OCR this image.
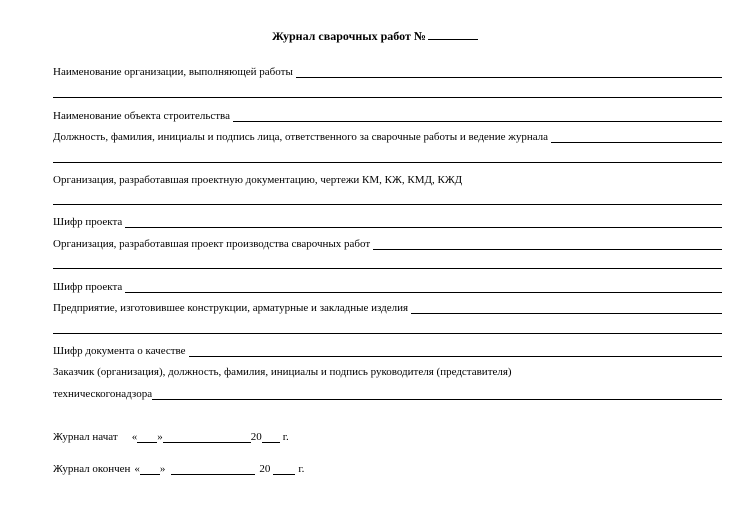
Журнал сварочных работ №
Наименование организации, выполняющей работы
Наименование объекта строительства
Должность, фамилия, инициалы и подпись лица, ответственного за сварочные работы и ведение журнала
Организация, разработавшая проектную документацию, чертежи КМ, КЖ, КМД, КЖД
Шифр проекта
Организация, разработавшая проект производства сварочных работ
Шифр проекта
Предприятие, изготовившее конструкции, арматурные и закладные изделия
Шифр документа о качестве
Заказчик (организация), должность, фамилия, инициалы и подпись руководителя (представителя)
техническогонадзора
Журнал начат « »	20 г.
Журнал окончен « »	20	г.
